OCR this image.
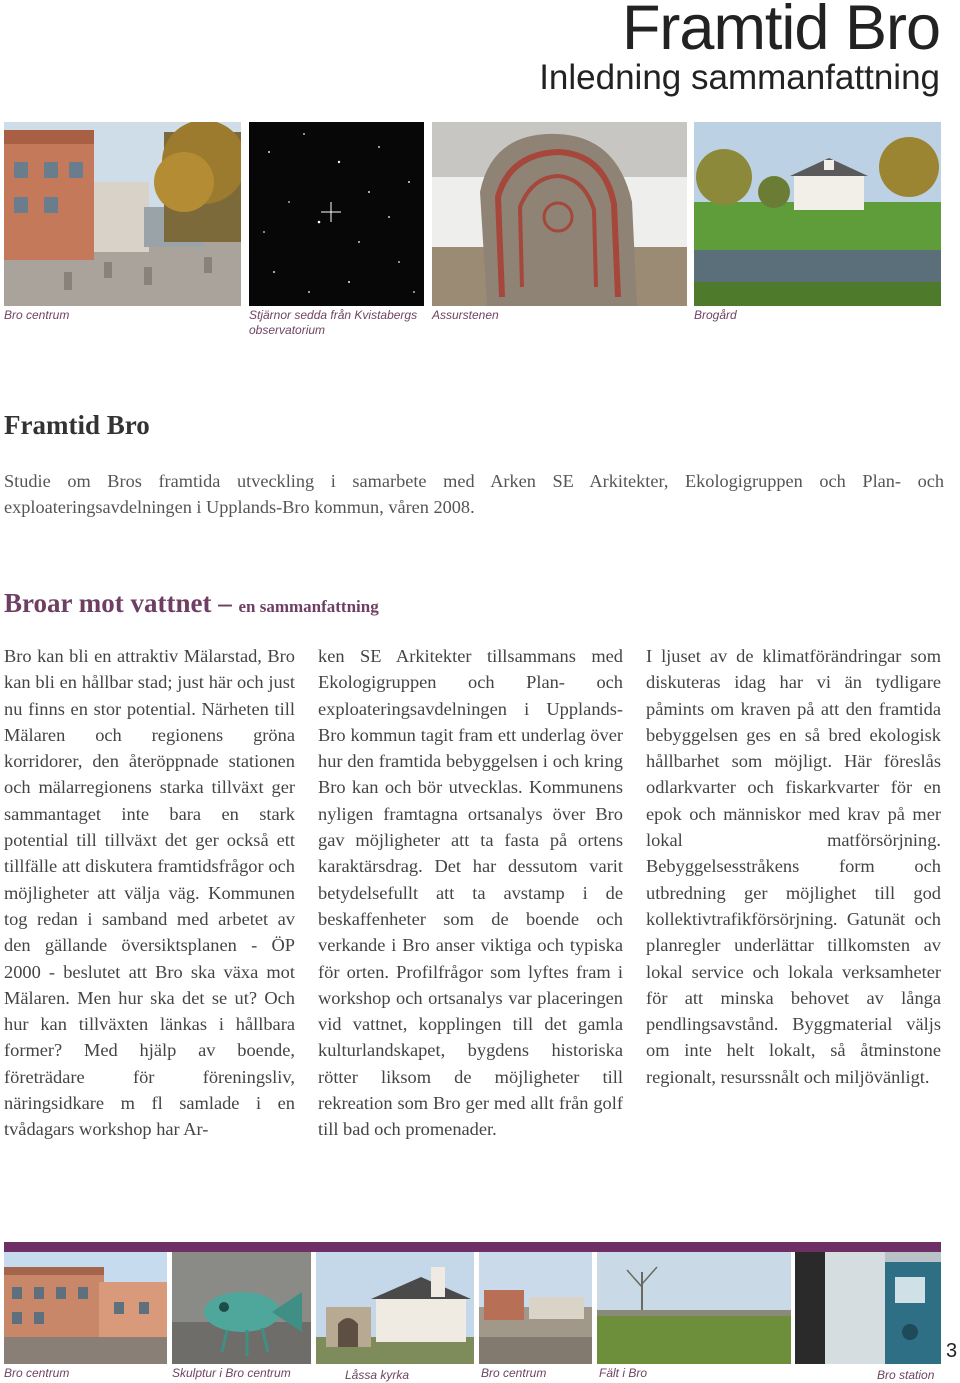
Framtid Bro
Inledning sammanfattning
Bro centrum	Stjärnor sedda från Kvistabergs observatorium
Assurstenen	Brogård
Framtid Bro

Studie om Bros framtida utveckling i samarbete med Arken SE Arkitekter, Ekologigruppen och Plan- och exploateringsavdelningen i Upplands-Bro kommun, våren 2008.

Broar mot vattnet – en sammanfattning

Bro kan bli en attraktiv Mälarstad, Bro kan bli en hållbar stad; just här och just nu finns en stor potential. Närheten till Mälaren och regionens gröna korridorer, den återöppnade stationen och mälarregionens starka tillväxt ger sammantaget inte bara en stark potential till tillväxt det ger också ett tillfälle att diskutera framtidsfrågor och möjligheter att välja väg. Kommunen tog redan i samband med arbetet av den gällande översiktsplanen - ÖP 2000 - beslutet att Bro ska växa mot Mälaren. Men hur ska det se ut? Och hur kan tillväxten länkas i hållbara former? Med hjälp av boende, företrädare för föreningsliv, näringsidkare m fl samlade i en tvådagars workshop har Ar-

ken SE Arkitekter tillsammans med Ekologigruppen och Plan- och exploateringsavdelningen i Upplands-Bro kommun tagit fram ett underlag över hur den framtida bebyggelsen i och kring Bro kan och bör utvecklas. Kommunens nyligen framtagna ortsanalys över Bro gav möjligheter att ta fasta på ortens karaktärsdrag. Det har dessutom varit betydelsefullt att ta avstamp i de beskaffenheter som de boende och verkande i Bro anser viktiga och typiska för orten. Profilfrågor som lyftes fram i workshop och ortsanalys var placeringen vid vattnet, kopplingen till det gamla kulturlandskapet, bygdens historiska rötter liksom de möjligheter till rekreation som Bro ger med allt från golf till bad och promenader.

I ljuset av de klimatförändringar som diskuteras idag har vi än tydligare påmints om kraven på att den framtida bebyggelsen ges en så bred ekologisk hållbarhet som möjligt. Här föreslås odlarkvarter och fiskarkvarter för en epok och människor med krav på mer lokal matförsörjning. Bebyggelsesstråkens form och utbredning ger möjlighet till god kollektivtrafikförsörjning. Gatunät och planregler underlättar tillkomsten av lokal service och lokala verksamheter för att minska behovet av långa pendlingsavstånd. Byggmaterial väljs om inte helt lokalt, så åtminstone regionalt, resurssnålt och miljövänligt.

Bro centrum	Skulptur i Bro centrum	Låssa kyrka	Bro centrum	Fält i Bro	Bro station
3
